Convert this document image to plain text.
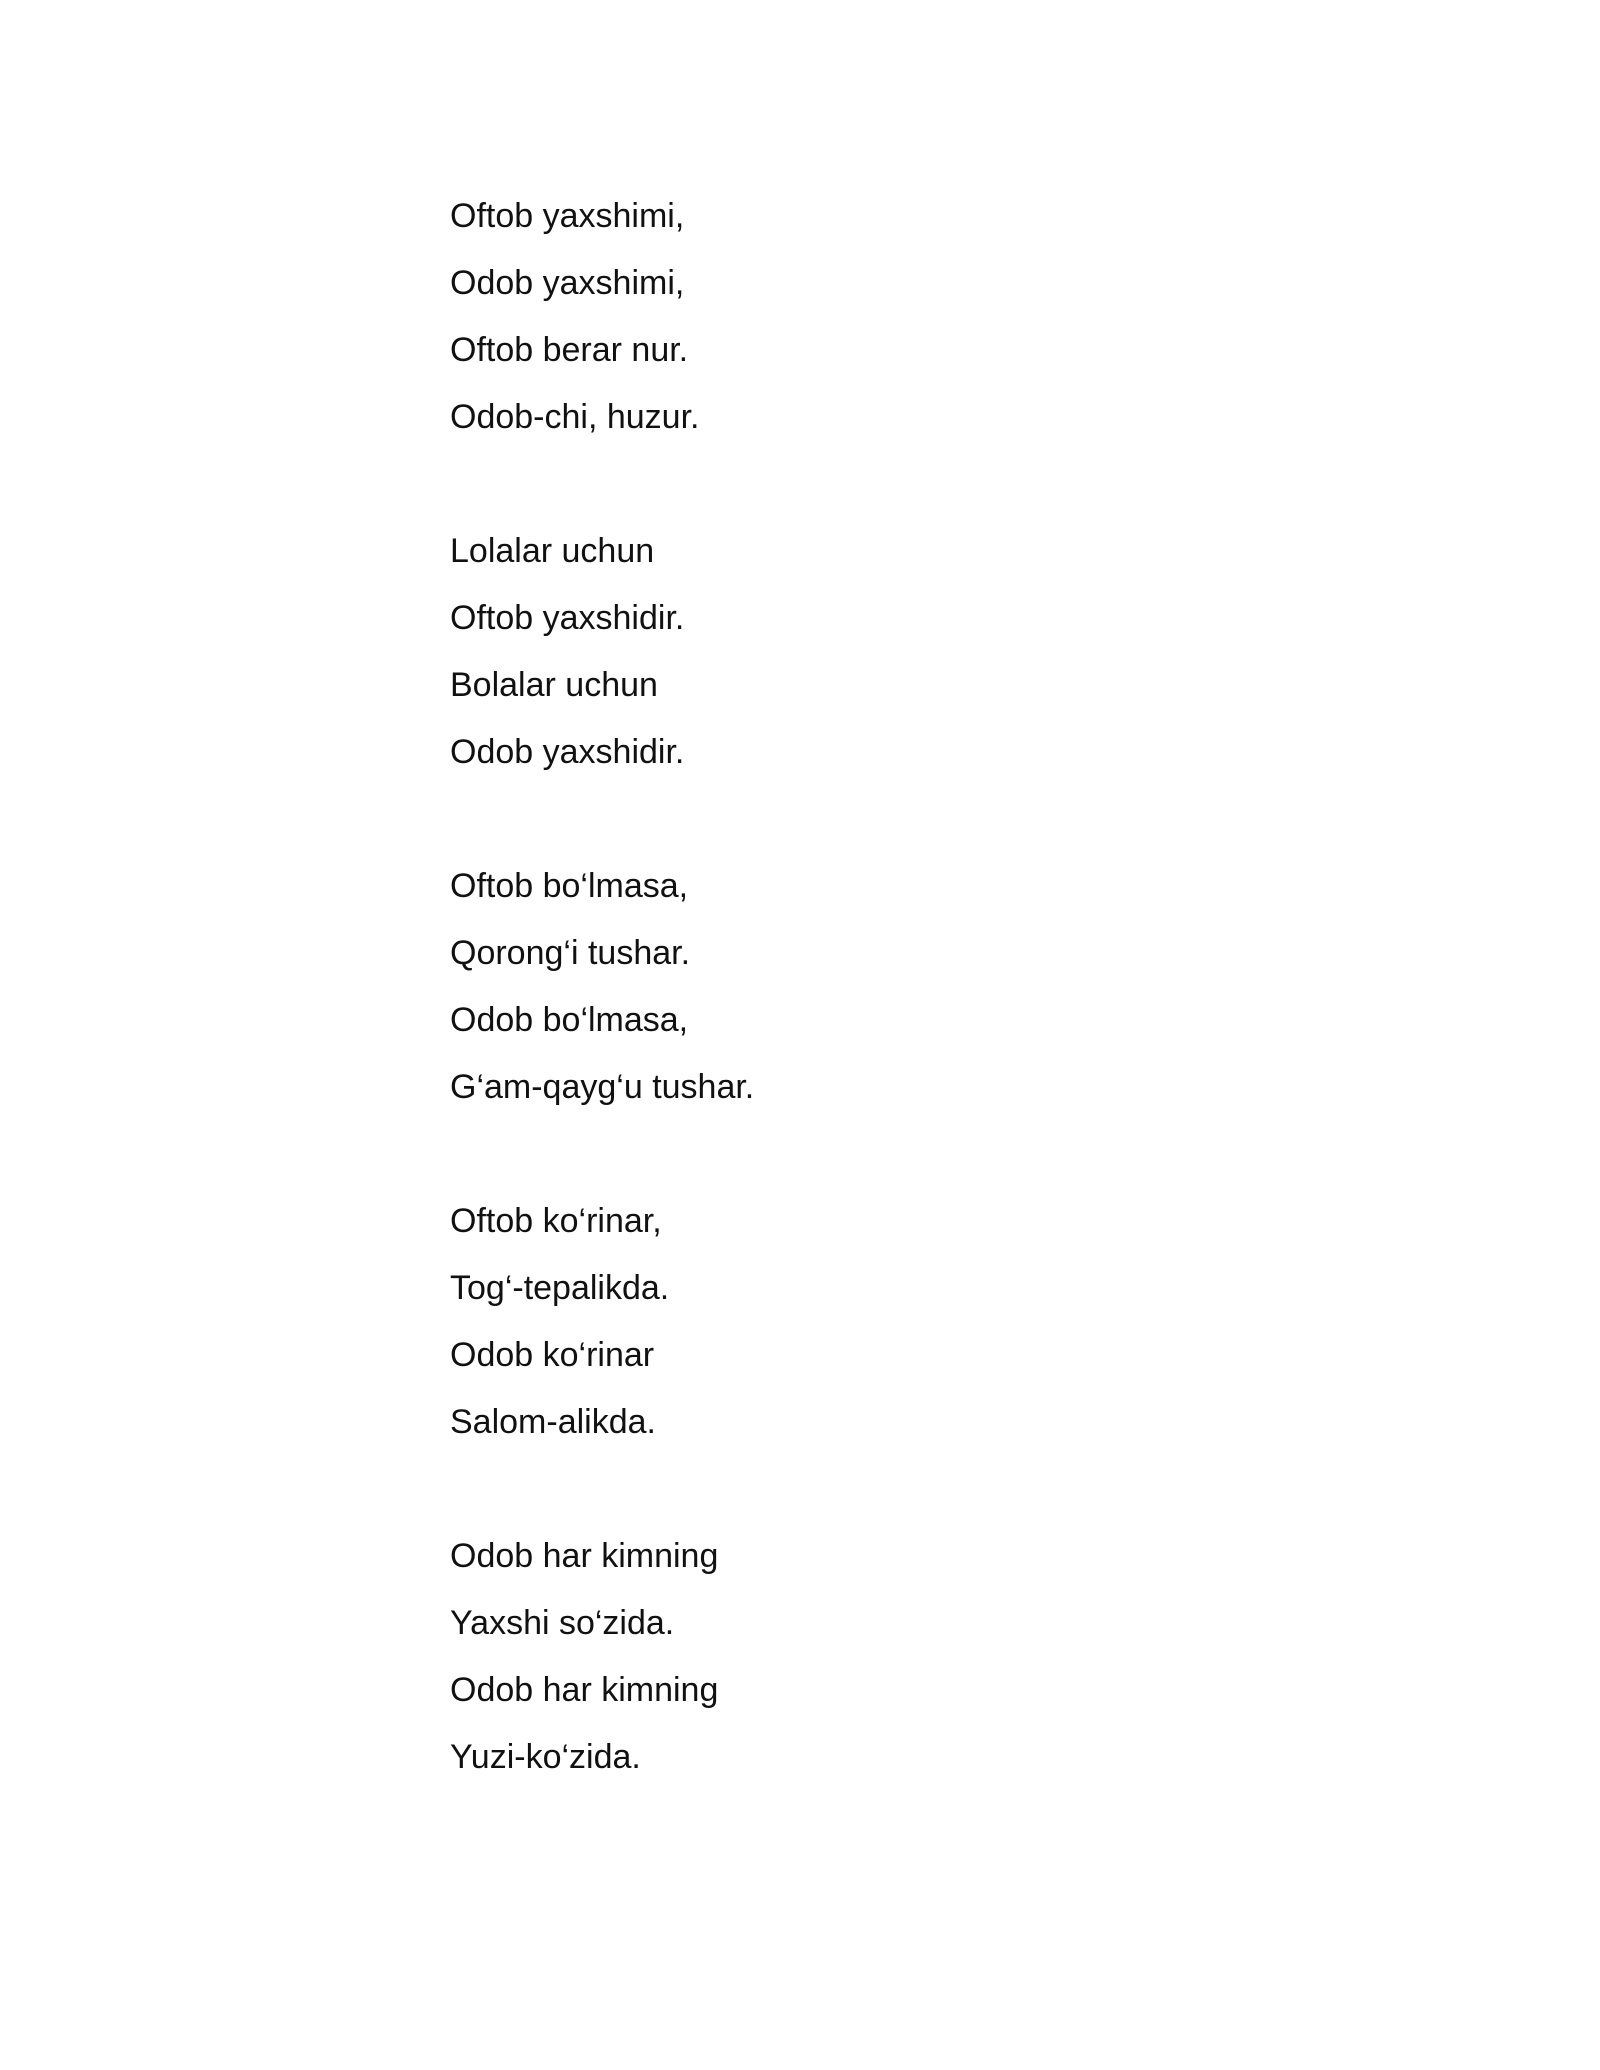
Oftob yaxshimi,
Odob yaxshimi,
Oftob berar nur.
Odob-chi, huzur.
Lolalar uchun
Oftob yaxshidir.
Bolalar uchun
Odob yaxshidir.
Oftob bo‘lmasa,
Qorong‘i tushar.
Odob bo‘lmasa,
G‘am-qayg‘u tushar.
Oftob ko‘rinar,
Tog‘-tepalikda.
Odob ko‘rinar
Salom-alikda.
Odob har kimning
Yaxshi so‘zida.
Odob har kimning
Yuzi-ko‘zida.
